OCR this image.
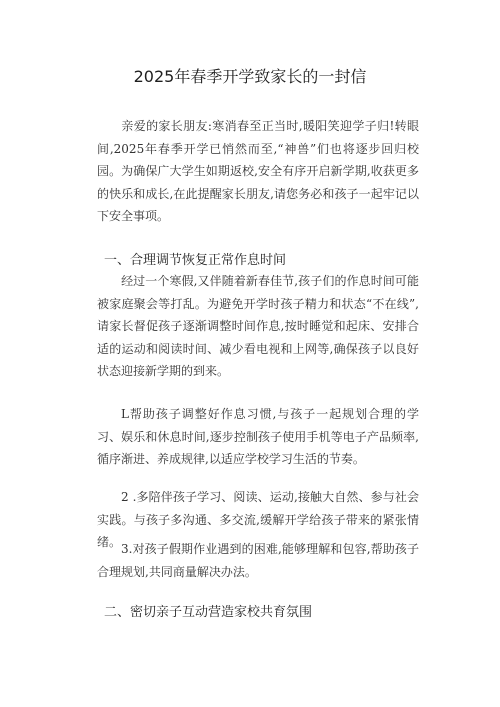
2025年春季开学致家长的一封信
亲爱的家长朋友:寒消春至正当时,暖阳笑迎学子归!转眼间,2025年春季开学已悄然而至,“神兽”们也将逐步回归校园。为确保广大学生如期返校,安全有序开启新学期,收获更多的快乐和成长,在此提醒家长朋友,请您务必和孩子一起牢记以下安全事项。
一、合理调节恢复正常作息时间
经过一个寒假,又伴随着新春佳节,孩子们的作息时间可能被家庭聚会等打乱。为避免开学时孩子精力和状态“不在线”,请家长督促孩子逐渐调整时间作息,按时睡觉和起床、安排合适的运动和阅读时间、减少看电视和上网等,确保孩子以良好状态迎接新学期的到来。
L帮助孩子调整好作息习惯,与孩子一起规划合理的学习、娱乐和休息时间,逐步控制孩子使用手机等电子产品频率,循序渐进、养成规律,以适应学校学习生活的节奏。
2 .多陪伴孩子学习、阅读、运动,接触大自然、参与社会实践。与孩子多沟通、多交流,缓解开学给孩子带来的紧张情绪。 3.对孩子假期作业遇到的困难,能够理解和包容,帮助孩子合理规划,共同商量解决办法。
二、密切亲子互动营造家校共育氛围
